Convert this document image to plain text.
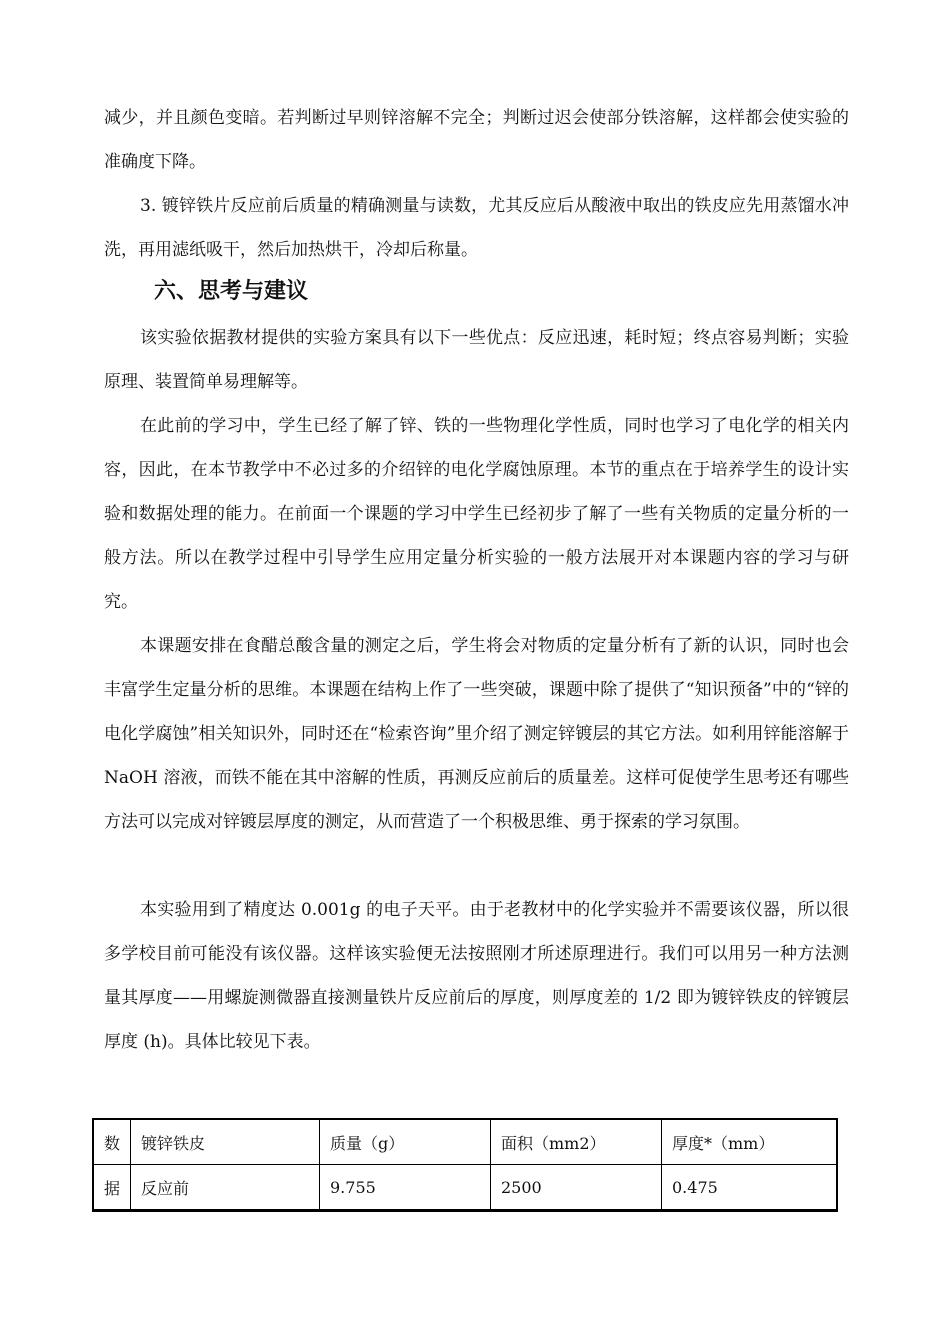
减少，并且颜色变暗。若判断过早则锌溶解不完全；判断过迟会使部分铁溶解，这样都会使实验的准确度下降。

3. 镀锌铁片反应前后质量的精确测量与读数，尤其反应后从酸液中取出的铁皮应先用蒸馏水冲洗，再用滤纸吸干，然后加热烘干，冷却后称量。

六、思考与建议

该实验依据教材提供的实验方案具有以下一些优点：反应迅速，耗时短；终点容易判断；实验原理、装置简单易理解等。

在此前的学习中，学生已经了解了锌、铁的一些物理化学性质，同时也学习了电化学的相关内容，因此，在本节教学中不必过多的介绍锌的电化学腐蚀原理。本节的重点在于培养学生的设计实验和数据处理的能力。在前面一个课题的学习中学生已经初步了解了一些有关物质的定量分析的一般方法。所以在教学过程中引导学生应用定量分析实验的一般方法展开对本课题内容的学习与研究。

本课题安排在食醋总酸含量的测定之后，学生将会对物质的定量分析有了新的认识，同时也会丰富学生定量分析的思维。本课题在结构上作了一些突破，课题中除了提供了“知识预备”中的“锌的电化学腐蚀”相关知识外，同时还在“检索咨询”里介绍了测定锌镀层的其它方法。如利用锌能溶解于 NaOH 溶液，而铁不能在其中溶解的性质，再测反应前后的质量差。这样可促使学生思考还有哪些方法可以完成对锌镀层厚度的测定，从而营造了一个积极思维、勇于探索的学习氛围。

本实验用到了精度达 0.001g 的电子天平。由于老教材中的化学实验并不需要该仪器，所以很多学校目前可能没有该仪器。这样该实验便无法按照刚才所述原理进行。我们可以用另一种方法测量其厚度——用螺旋测微器直接测量铁片反应前后的厚度，则厚度差的 1/2 即为镀锌铁皮的锌镀层厚度 (h)。具体比较见下表。

数	镀锌铁皮	质量（g）	面积（mm2）	厚度*（mm）
据	反应前	9.755	2500	0.475
